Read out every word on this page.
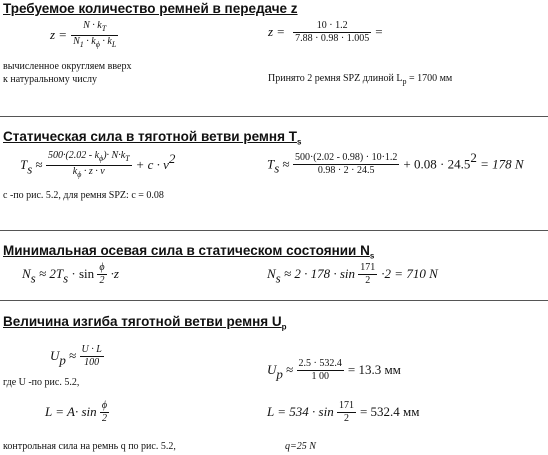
Требуемое количество ремней в передаче z
$z = \frac{N \cdot k_T}{N_1 \cdot k_\phi \cdot k_L}$	$z = \frac{10 \cdot 1.2}{7.88 \cdot 0.98 \cdot 1.005}$ =
вычисленное округляем вверх
к натуральному числу	Принято 2 ремня SPZ длиной $L_p = 1700$ мм
Статическая сила в тяготной ветви ремня $T_s$
$T_s \approx \frac{500\cdot(2.02 - k_\phi)\cdot N\cdot k_T}{k_\phi \cdot z \cdot v} + c \cdot v^2$	$T_s \approx \frac{500\cdot(2.02 - 0.98) \cdot 10\cdot 1.2}{0.98 \cdot 2 \cdot 24.5} + 0.08 \cdot 24.5^2 = 178$ N
с -по рис. 5.2, для ремня SPZ: с = 0.08
Минимальная осевая сила в статическом состоянии $N_s$
$N_s \approx 2T_s \cdot \sin \frac{\phi}{2} \cdot z$	$N_s \approx 2 \cdot 178 \cdot \sin \frac{171}{2} \cdot 2 = 710$ N
Величина изгиба тяготной ветви ремня $U_p$
$U_p \approx \frac{U \cdot L}{100}$
где U -по рис. 5.2,
$U_p \approx \frac{2.5 \cdot 532.4}{1 00} = 13.3$ мм
$L = A\cdot \sin \frac{\phi}{2}$	$L = 534 \cdot \sin \frac{171}{2} = 532.4$ мм
контрольная сила на ремнь q по рис. 5.2,	q=25 N
